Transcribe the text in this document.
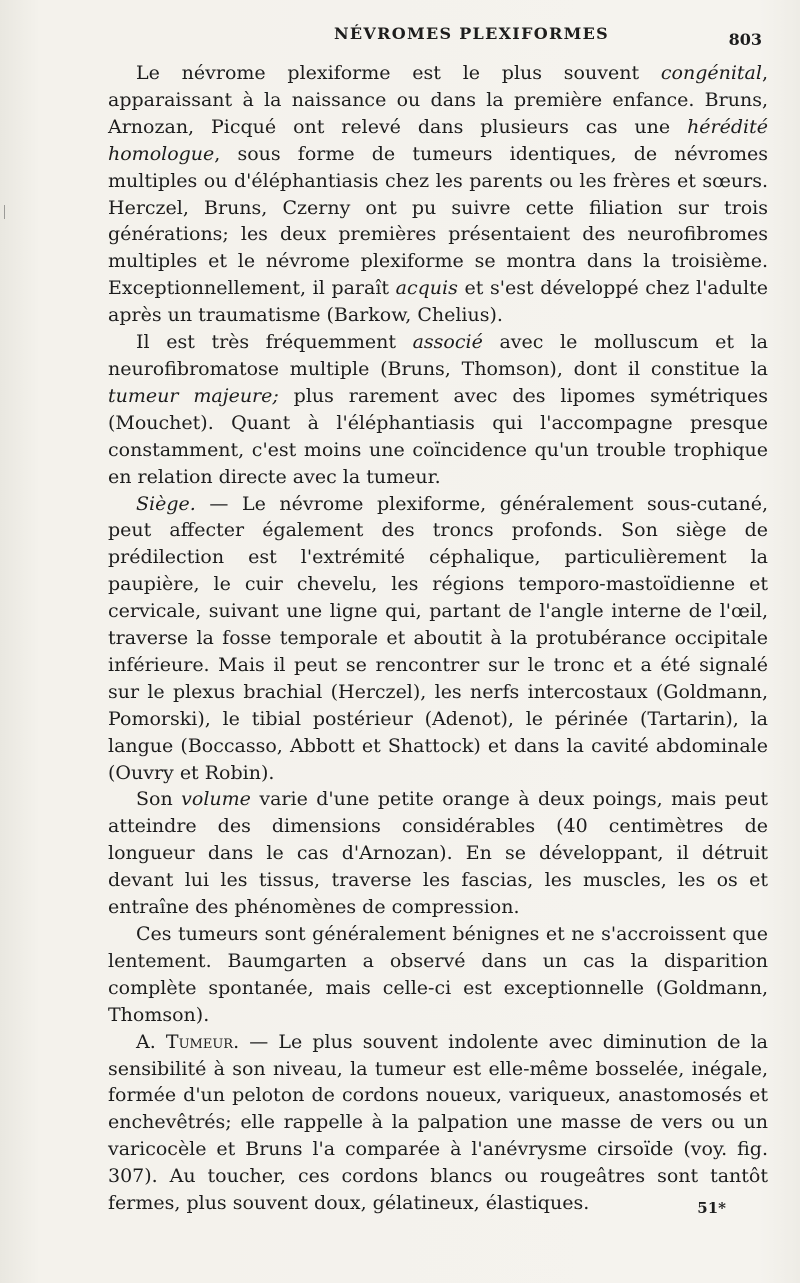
NÉVROMES PLEXIFORMES	803

Le névrome plexiforme est le plus souvent congénital, apparaissant à la naissance ou dans la première enfance. Bruns, Arnozan, Picqué ont relevé dans plusieurs cas une hérédité homologue, sous forme de tumeurs identiques, de névromes multiples ou d'éléphantiasis chez les parents ou les frères et sœurs. Herczel, Bruns, Czerny ont pu suivre cette filiation sur trois générations; les deux premières présentaient des neurofibromes multiples et le névrome plexiforme se montra dans la troisième. Exceptionnellement, il paraît acquis et s'est développé chez l'adulte après un traumatisme (Barkow, Chelius).

Il est très fréquemment associé avec le molluscum et la neurofibromatose multiple (Bruns, Thomson), dont il constitue la tumeur majeure; plus rarement avec des lipomes symétriques (Mouchet). Quant à l'éléphantiasis qui l'accompagne presque constamment, c'est moins une coïncidence qu'un trouble trophique en relation directe avec la tumeur.

Siège. — Le névrome plexiforme, généralement sous-cutané, peut affecter également des troncs profonds. Son siège de prédilection est l'extrémité céphalique, particulièrement la paupière, le cuir chevelu, les régions temporo-mastoïdienne et cervicale, suivant une ligne qui, partant de l'angle interne de l'œil, traverse la fosse temporale et aboutit à la protubérance occipitale inférieure. Mais il peut se rencontrer sur le tronc et a été signalé sur le plexus brachial (Herczel), les nerfs intercostaux (Goldmann, Pomorski), le tibial postérieur (Adenot), le périnée (Tartarin), la langue (Boccasso, Abbott et Shattock) et dans la cavité abdominale (Ouvry et Robin).

Son volume varie d'une petite orange à deux poings, mais peut atteindre des dimensions considérables (40 centimètres de longueur dans le cas d'Arnozan). En se développant, il détruit devant lui les tissus, traverse les fascias, les muscles, les os et entraîne des phénomènes de compression.

Ces tumeurs sont généralement bénignes et ne s'accroissent que lentement. Baumgarten a observé dans un cas la disparition complète spontanée, mais celle-ci est exceptionnelle (Goldmann, Thomson).

A. Tumeur. — Le plus souvent indolente avec diminution de la sensibilité à son niveau, la tumeur est elle-même bosselée, inégale, formée d'un peloton de cordons noueux, variqueux, anastomosés et enchevêtrés; elle rappelle à la palpation une masse de vers ou un varicocèle et Bruns l'a comparée à l'anévrysme cirsoïde (voy. fig. 307). Au toucher, ces cordons blancs ou rougeâtres sont tantôt fermes, plus souvent doux, gélatineux, élastiques.	51*
